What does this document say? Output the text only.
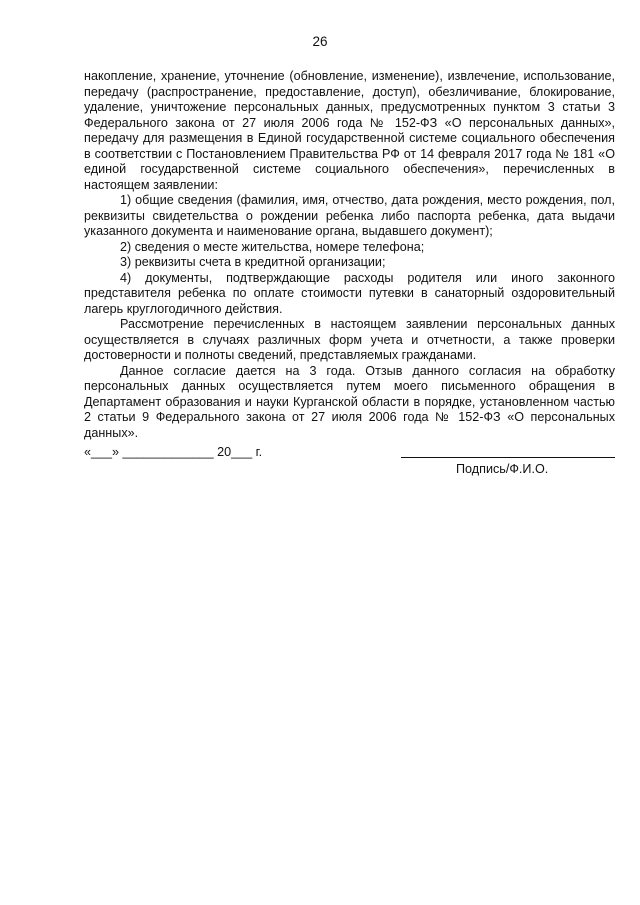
26

накопление, хранение, уточнение (обновление, изменение), извлечение, использование, передачу (распространение, предоставление, доступ), обезличивание, блокирование, удаление, уничтожение персональных данных, предусмотренных пунктом 3 статьи 3 Федерального закона от 27 июля 2006 года № 152-ФЗ «О персональных данных», передачу для размещения в Единой государственной системе социального обеспечения в соответствии с Постановлением Правительства РФ от 14 февраля 2017 года № 181 «О единой государственной системе социального обеспечения», перечисленных в настоящем заявлении:

1) общие сведения (фамилия, имя, отчество, дата рождения, место рождения, пол, реквизиты свидетельства о рождении ребенка либо паспорта ребенка, дата выдачи указанного документа и наименование органа, выдавшего документ);

2) сведения о месте жительства, номере телефона;

3) реквизиты счета в кредитной организации;

4) документы, подтверждающие расходы родителя или иного законного представителя ребенка по оплате стоимости путевки в санаторный оздоровительный лагерь круглогодичного действия.

Рассмотрение перечисленных в настоящем заявлении персональных данных осуществляется в случаях различных форм учета и отчетности, а также проверки достоверности и полноты сведений, представляемых гражданами.

Данное согласие дается на 3 года. Отзыв данного согласия на обработку персональных данных осуществляется путем моего письменного обращения в Департамент образования и науки Курганской области в порядке, установленном частью 2 статьи 9 Федерального закона от 27 июля 2006 года № 152-ФЗ «О персональных данных».

«___» _____________ 20___ г.
Подпись/Ф.И.О.
